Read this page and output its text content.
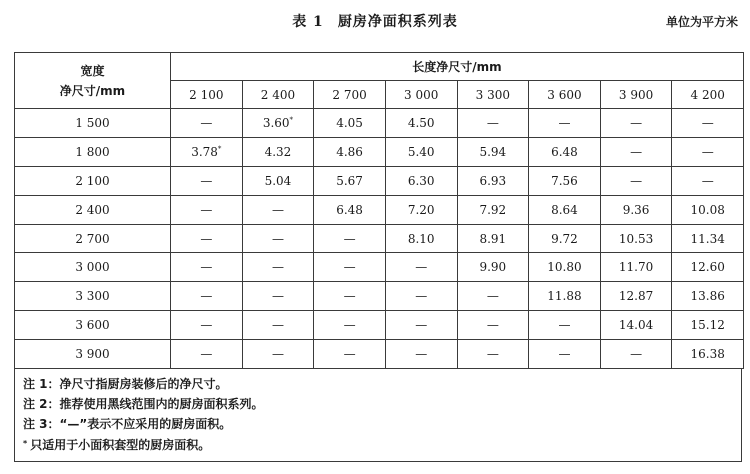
表 1 厨房净面积系列表	单位为平方米
宽度
净尺寸/mm	长度净尺寸/mm							
	2 100	2 400	2 700	3 000	3 300	3 600	3 900	4 200
1 500	—	3.60*	4.05	4.50	—	—	—	—
1 800	3.78*	4.32	4.86	5.40	5.94	6.48	—	—
2 100	—	5.04	5.67	6.30	6.93	7.56	—	—
2 400	—	—	6.48	7.20	7.92	8.64	9.36	10.08
2 700	—	—	—	8.10	8.91	9.72	10.53	11.34
3 000	—	—	—	—	9.90	10.80	11.70	12.60
3 300	—	—	—	—	—	11.88	12.87	13.86
3 600	—	—	—	—	—	—	14.04	15.12
3 900	—	—	—	—	—	—	—	16.38
注 1：净尺寸指厨房装修后的净尺寸。
注 2：推荐使用黑线范围内的厨房面积系列。
注 3：“—”表示不应采用的厨房面积。
* 只适用于小面积套型的厨房面积。
